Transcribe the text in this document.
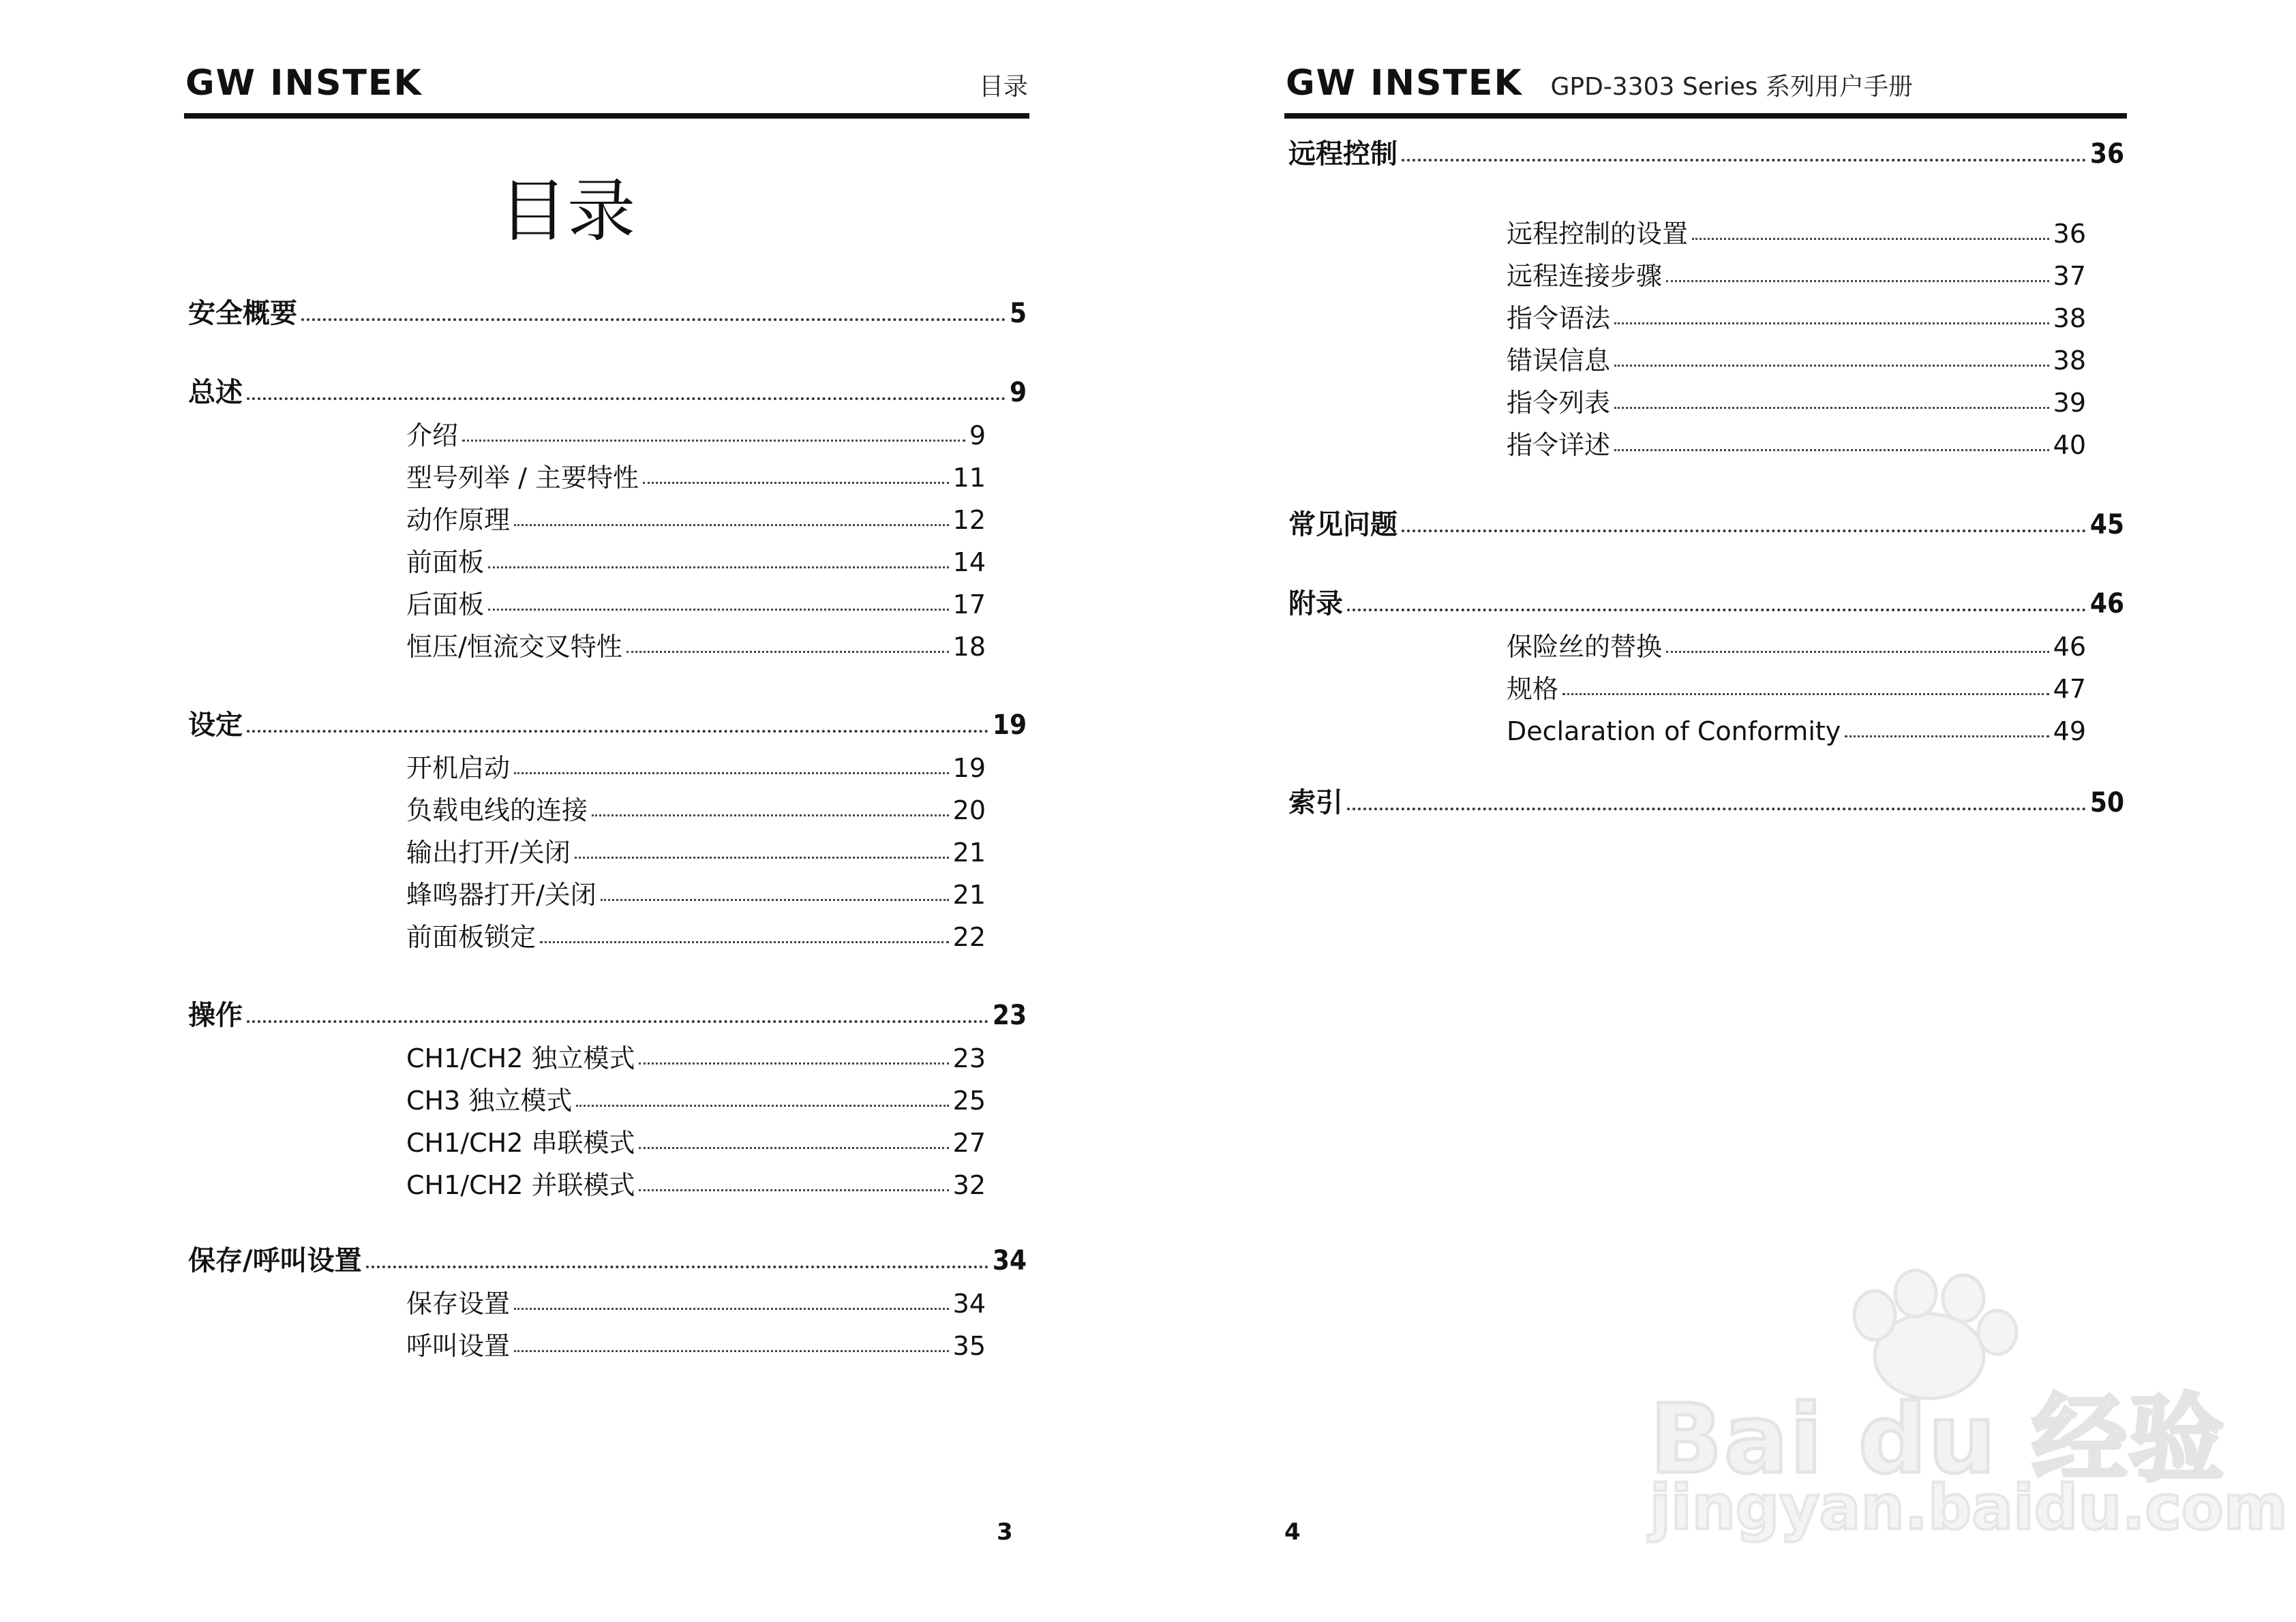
GW INSTEK	目录
目录
安全概要	5
总述	9
介绍	9
型号列举 / 主要特性	11
动作原理	12
前面板	14
后面板	17
恒压/恒流交叉特性	18
设定	19
开机启动	19
负载电线的连接	20
输出打开/关闭	21
蜂鸣器打开/关闭	21
前面板锁定	22
操作	23
CH1/CH2 独立模式	23
CH3 独立模式	25
CH1/CH2 串联模式	27
CH1/CH2 并联模式	32
保存/呼叫设置	34
保存设置	34
呼叫设置	35
3
GW INSTEK GPD-3303 Series 系列用户手册
远程控制	36
远程控制的设置	36
远程连接步骤	37
指令语法	38
错误信息	38
指令列表	39
指令详述	40
常见问题	45
附录	46
保险丝的替换	46
规格	47
Declaration of Conformity	49
索引	50
4
Bai du 经验
jingyan.baidu.com
